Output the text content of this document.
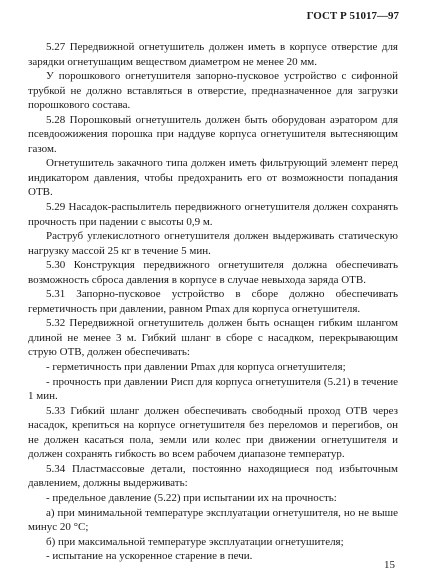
ГОСТ Р 51017—97

5.27 Передвижной огнетушитель должен иметь в корпусе отверстие для зарядки огнетушащим веществом диаметром не менее 20 мм.

У порошкового огнетушителя запорно-пусковое устройство с сифонной трубкой не должно вставляться в отверстие, предназначенное для загрузки порошкового состава.

5.28 Порошковый огнетушитель должен быть оборудован аэратором для псевдоожижения порошка при наддуве корпуса огнетушителя вытесняющим газом.

Огнетушитель закачного типа должен иметь фильтрующий элемент перед индикатором давления, чтобы предохранить его от возможности попадания ОТВ.

5.29 Насадок-распылитель передвижного огнетушителя должен сохранять прочность при падении с высоты 0,9 м.

Раструб углекислотного огнетушителя должен выдерживать статическую нагрузку массой 25 кг в течение 5 мин.

5.30 Конструкция передвижного огнетушителя должна обеспечивать возможность сброса давления в корпусе в случае невыхода заряда ОТВ.

5.31 Запорно-пусковое устройство в сборе должно обеспечивать герметичность при давлении, равном Pmax для корпуса огнетушителя.

5.32 Передвижной огнетушитель должен быть оснащен гибким шлангом длиной не менее 3 м. Гибкий шланг в сборе с насадком, перекрывающим струю ОТВ, должен обеспечивать:

- герметичность при давлении Pmax для корпуса огнетушителя;

- прочность при давлении Pисп для корпуса огнетушителя (5.21) в течение 1 мин.

5.33 Гибкий шланг должен обеспечивать свободный проход ОТВ через насадок, крепиться на корпусе огнетушителя без переломов и перегибов, он не должен касаться пола, земли или колес при движении огнетушителя и должен сохранять гибкость во всем рабочем диапазоне температур.

5.34 Пластмассовые детали, постоянно находящиеся под избыточным давлением, должны выдерживать:

- предельное давление (5.22) при испытании их на прочность:

а) при минимальной температуре эксплуатации огнетушителя, но не выше минус 20 °С;

б) при максимальной температуре эксплуатации огнетушителя;

- испытание на ускоренное старение в печи.

15
